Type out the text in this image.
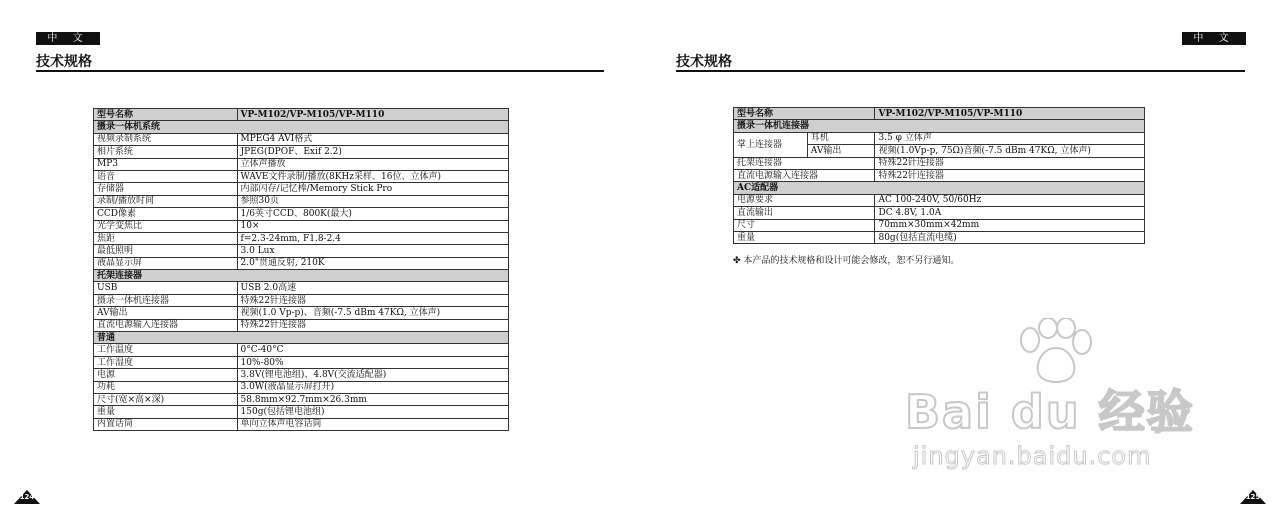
中 文
技术规格
型号名称	VP-M102/VP-M105/VP-M110
摄录一体机系统	
视频录制系统	MPEG4 AVI格式
相片系统	JPEG(DPOF、Exif 2.2)
MP3	立体声播放
语音	WAVE文件录制/播放(8KHz采样、16位、立体声)
存储器	内部闪存/记忆棒/Memory Stick Pro
录制/播放时间	参照30页
CCD像素	1/6英寸CCD、800K(最大)
光学变焦比	10×
焦距	f=2.3-24mm, F1.8-2.4
最低照明	3.0 Lux
液晶显示屏	2.0"贯通反射, 210K
托架连接器	
USB	USB 2.0高速
摄录一体机连接器	特殊22针连接器
AV输出	视频(1.0 Vp-p)、音频(-7.5 dBm 47KΩ, 立体声)
直流电源输入连接器	特殊22针连接器
普通	
工作温度	0°C-40°C
工作湿度	10%-80%
电源	3.8V(锂电池组)、4.8V(交流适配器)
功耗	3.0W(液晶显示屏打开)
尺寸(宽×高×深)	58.8mm×92.7mm×26.3mm
重量	150g(包括锂电池组)
内置话筒	单向立体声电容话筒
124
中 文
技术规格
型号名称		VP-M102/VP-M105/VP-M110
摄录一体机连接器		
掌上连接器	耳机	3.5 φ 立体声
	AV输出	视频(1.0Vp-p, 75Ω)音频(-7.5 dBm 47KΩ, 立体声)
托架连接器		特殊22针连接器
直流电源输入连接器		特殊22针连接器
AC适配器		
电源要求		AC 100-240V, 50/60Hz
直流输出		DC 4.8V, 1.0A
尺寸		70mm×30mm×42mm
重量		80g(包括直流电缆)
✤ 本产品的技术规格和设计可能会修改，恕不另行通知。
125
Bai du 经验
jingyan.baidu.com
